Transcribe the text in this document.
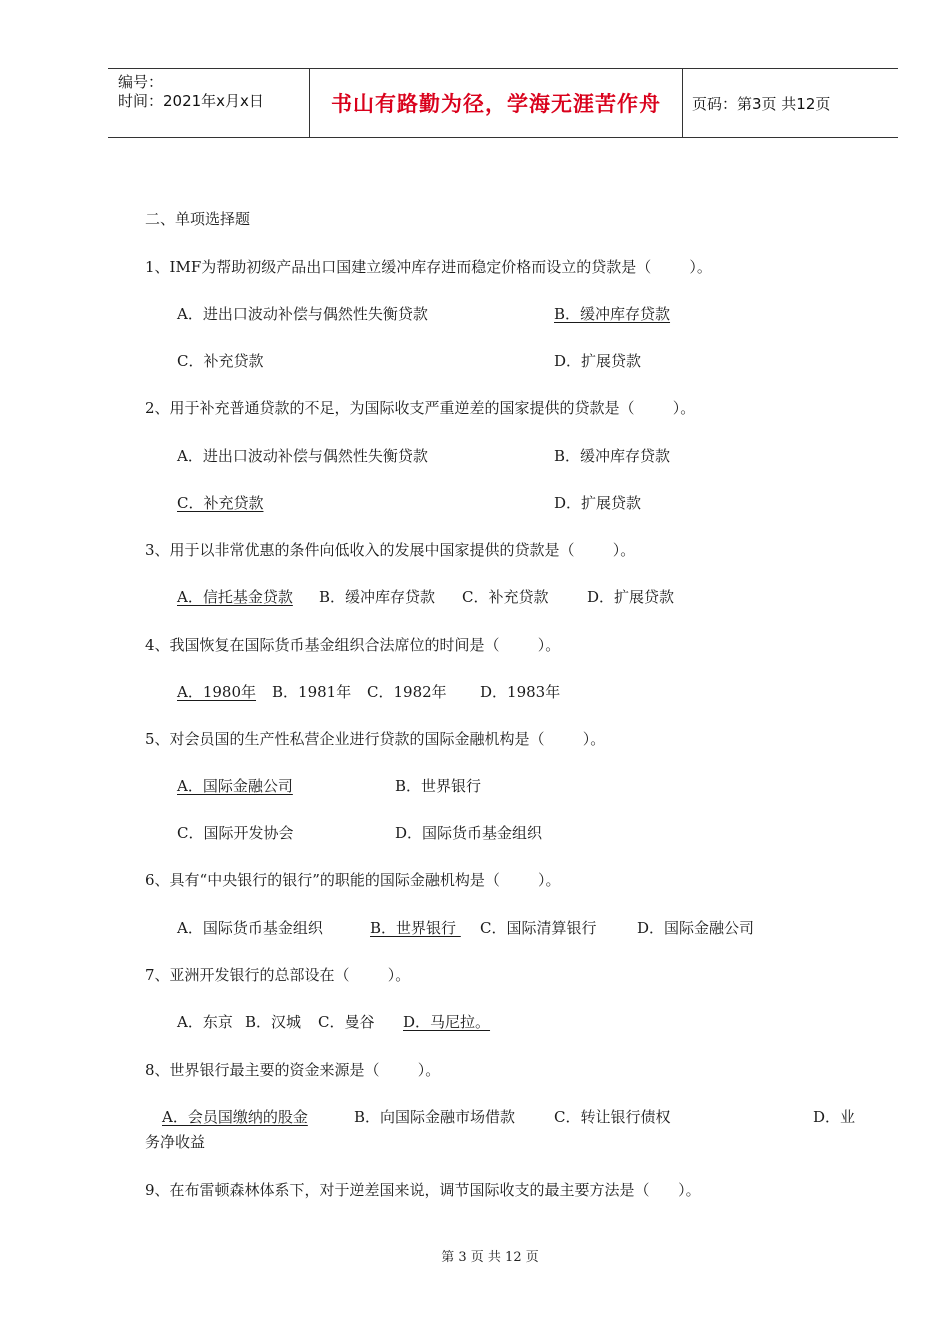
编号：
时间：2021年x月x日	书山有路勤为径，学海无涯苦作舟	页码：第3页 共12页
二、单项选择题
1、IMF为帮助初级产品出口国建立缓冲库存进而稳定价格而设立的贷款是（        ）。
A．进出口波动补偿与偶然性失衡贷款	B．缓冲库存贷款
C．补充贷款	D．扩展贷款
2、用于补充普通贷款的不足，为国际收支严重逆差的国家提供的贷款是（        ）。
A．进出口波动补偿与偶然性失衡贷款	B．缓冲库存贷款
C．补充贷款	D．扩展贷款
3、用于以非常优惠的条件向低收入的发展中国家提供的贷款是（        ）。
A．信托基金贷款 B．缓冲库存贷款 C．补充贷款	D．扩展贷款
4、我国恢复在国际货币基金组织合法席位的时间是（        ）。
A．1980年 B．1981年 C．1982年 D．1983年
5、对会员国的生产性私营企业进行贷款的国际金融机构是（        ）。
A．国际金融公司	B．世界银行
C．国际开发协会	D．国际货币基金组织
6、具有“中央银行的银行”的职能的国际金融机构是（        ）。
A．国际货币基金组织	B．世界银行 C．国际清算银行	D．国际金融公司
7、亚洲开发银行的总部设在（        ）。
A．东京 B．汉城 C．曼谷 D．马尼拉。
8、世界银行最主要的资金来源是（        ）。
A．会员国缴纳的股金	B．向国际金融市场借款	C．转让银行债权	D．业
务净收益
9、在布雷顿森林体系下，对于逆差国来说，调节国际收支的最主要方法是（      ）。
第 3 页 共 12 页
